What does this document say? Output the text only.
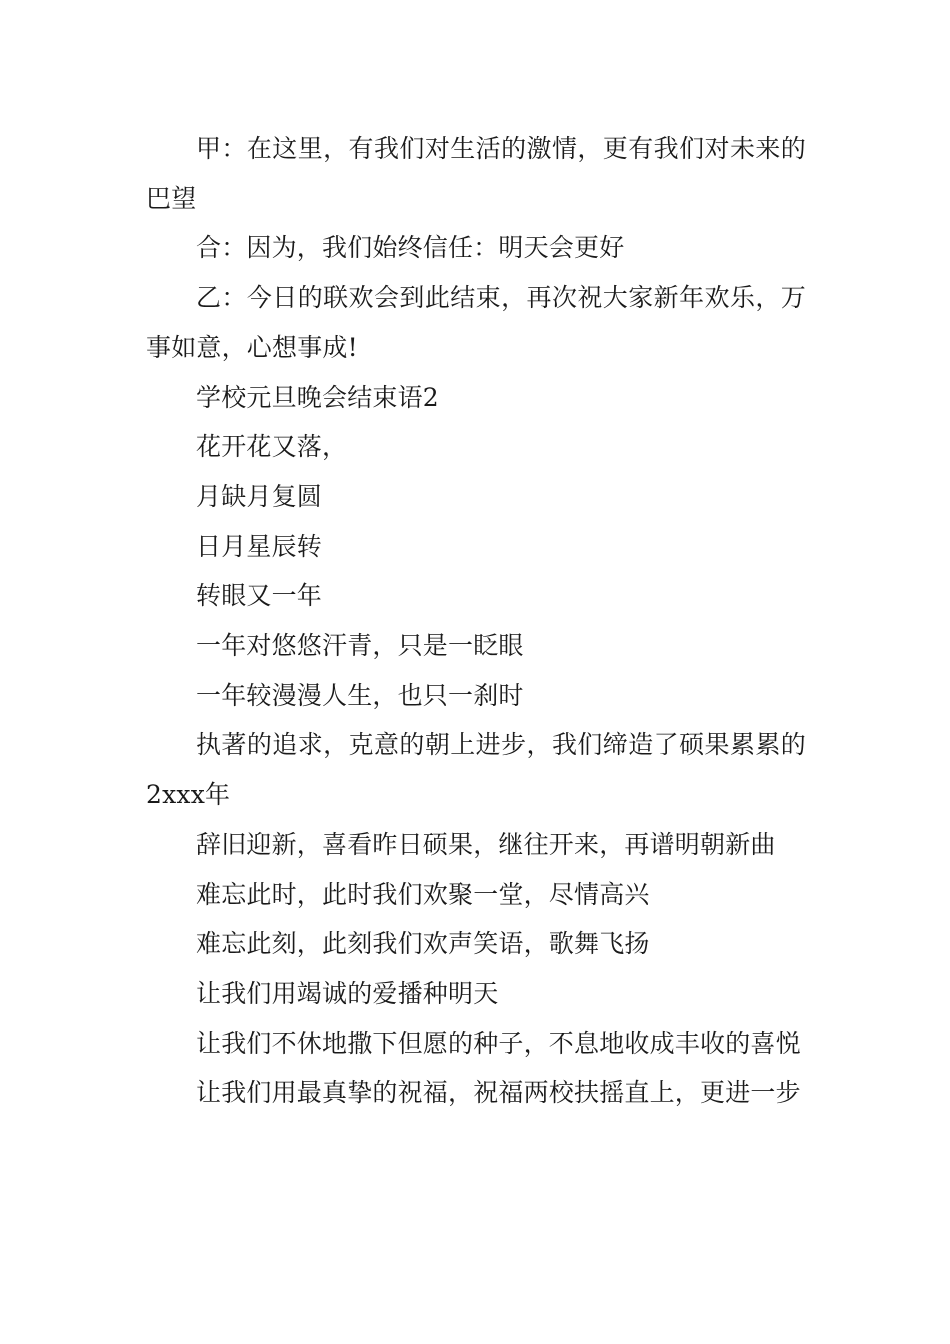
甲：在这里，有我们对生活的激情，更有我们对未来的巴望

合：因为，我们始终信任：明天会更好

乙：今日的联欢会到此结束，再次祝大家新年欢乐，万事如意，心想事成!

学校元旦晚会结束语2

花开花又落，

月缺月复圆

日月星辰转

转眼又一年

一年对悠悠汗青，只是一眨眼

一年较漫漫人生，也只一刹时

执著的追求，克意的朝上进步，我们缔造了硕果累累的2xxx年

辞旧迎新，喜看昨日硕果，继往开来，再谱明朝新曲

难忘此时，此时我们欢聚一堂，尽情高兴

难忘此刻，此刻我们欢声笑语，歌舞飞扬

让我们用竭诚的爱播种明天

让我们不休地撒下但愿的种子，不息地收成丰收的喜悦

让我们用最真挚的祝福，祝福两校扶摇直上，更进一步
